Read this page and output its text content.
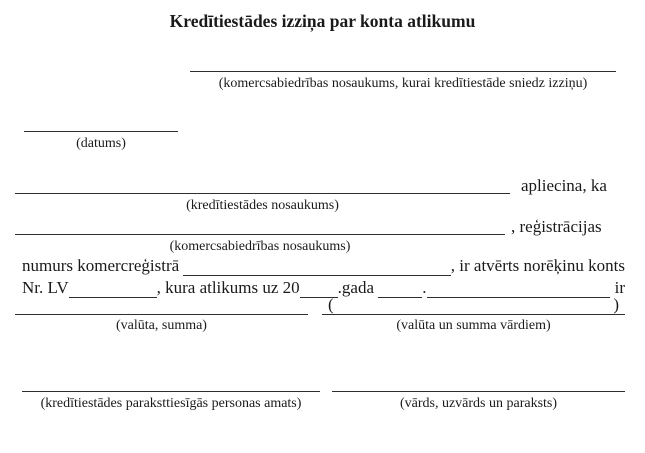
Kredītiestādes izziņa par konta atlikumu
(komercsabiedrības nosaukums, kurai kredītiestāde sniedz izziņu)
(datums)
apliecina, ka
(kredītiestādes nosaukums)
, reģistrācijas
(komercsabiedrības nosaukums)
numurs komercreģistrā	, ir atvērts norēķinu konts
Nr. LV	, kura atlikums uz 20 .gada	.	ir
(valūta, summa)
(	)
(valūta un summa vārdiem)
(kredītiestādes paraksttiesīgās personas amats)	(vārds, uzvārds un paraksts)
